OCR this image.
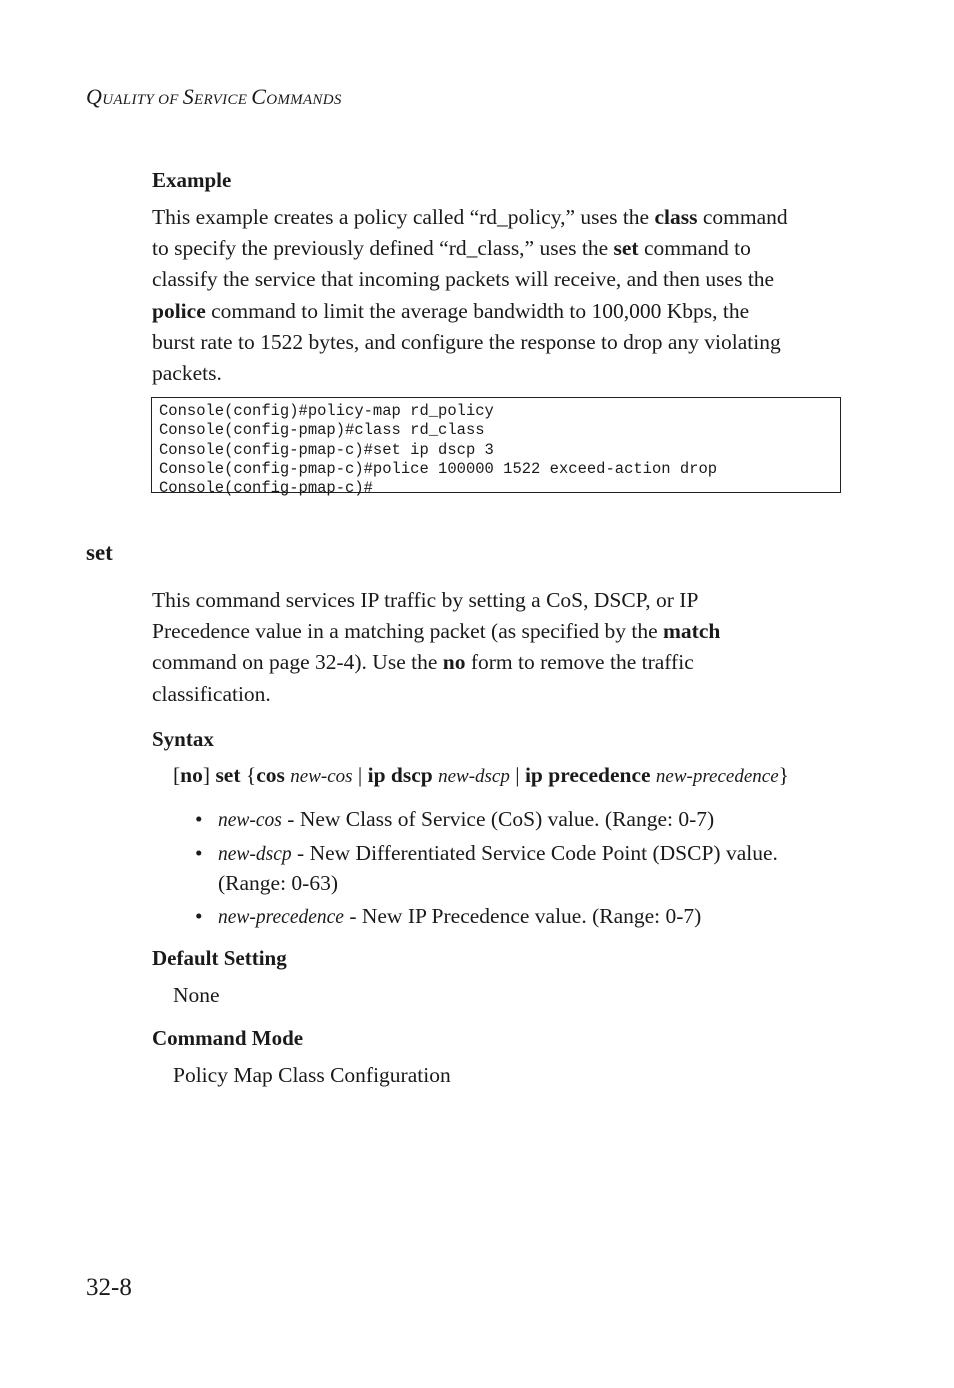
QUALITY OF SERVICE COMMANDS
Example
This example creates a policy called “rd_policy,” uses the class command
to specify the previously defined “rd_class,” uses the set command to
classify the service that incoming packets will receive, and then uses the
police command to limit the average bandwidth to 100,000 Kbps, the
burst rate to 1522 bytes, and configure the response to drop any violating
packets.
Console(config)#policy-map rd_policy
Console(config-pmap)#class rd_class
Console(config-pmap-c)#set ip dscp 3
Console(config-pmap-c)#police 100000 1522 exceed-action drop
Console(config-pmap-c)#
set
This command services IP traffic by setting a CoS, DSCP, or IP
Precedence value in a matching packet (as specified by the match
command on page 32-4). Use the no form to remove the traffic
classification.
Syntax
[no] set {cos new-cos | ip dscp new-dscp | ip precedence new-precedence}
• new-cos - New Class of Service (CoS) value. (Range: 0-7)
• new-dscp - New Differentiated Service Code Point (DSCP) value.
(Range: 0-63)
• new-precedence - New IP Precedence value. (Range: 0-7)
Default Setting
None
Command Mode
Policy Map Class Configuration
32-8
